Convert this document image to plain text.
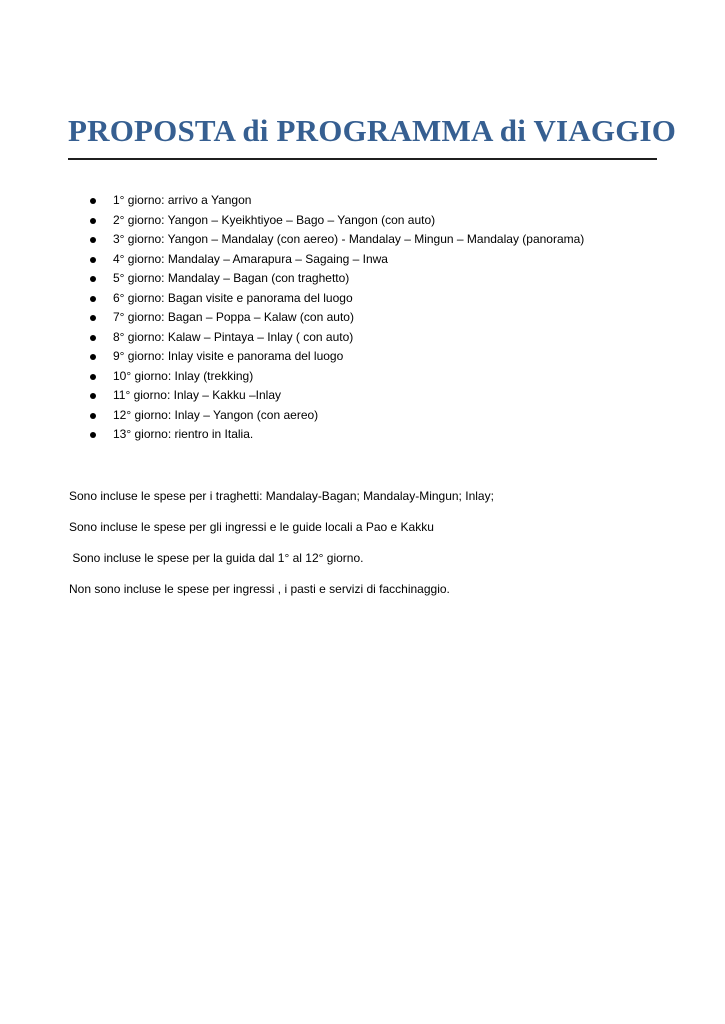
PROPOSTA di PROGRAMMA di VIAGGIO
1° giorno: arrivo a Yangon
2° giorno: Yangon – Kyeikhtiyoe – Bago – Yangon (con auto)
3° giorno: Yangon – Mandalay (con aereo) - Mandalay – Mingun – Mandalay (panorama)
4° giorno: Mandalay – Amarapura – Sagaing – Inwa
5° giorno: Mandalay – Bagan (con traghetto)
6° giorno: Bagan visite e panorama del luogo
7° giorno: Bagan – Poppa – Kalaw (con auto)
8° giorno: Kalaw – Pintaya – Inlay ( con auto)
9° giorno: Inlay visite e panorama del luogo
10° giorno: Inlay (trekking)
11° giorno: Inlay – Kakku –Inlay
12° giorno: Inlay – Yangon (con aereo)
13° giorno: rientro in Italia.

Sono incluse le spese per i traghetti: Mandalay-Bagan; Mandalay-Mingun; Inlay;

Sono incluse le spese per gli ingressi e le guide locali a Pao e Kakku

Sono incluse le spese per la guida dal 1° al 12° giorno.

Non sono incluse le spese per ingressi , i pasti e servizi di facchinaggio.
